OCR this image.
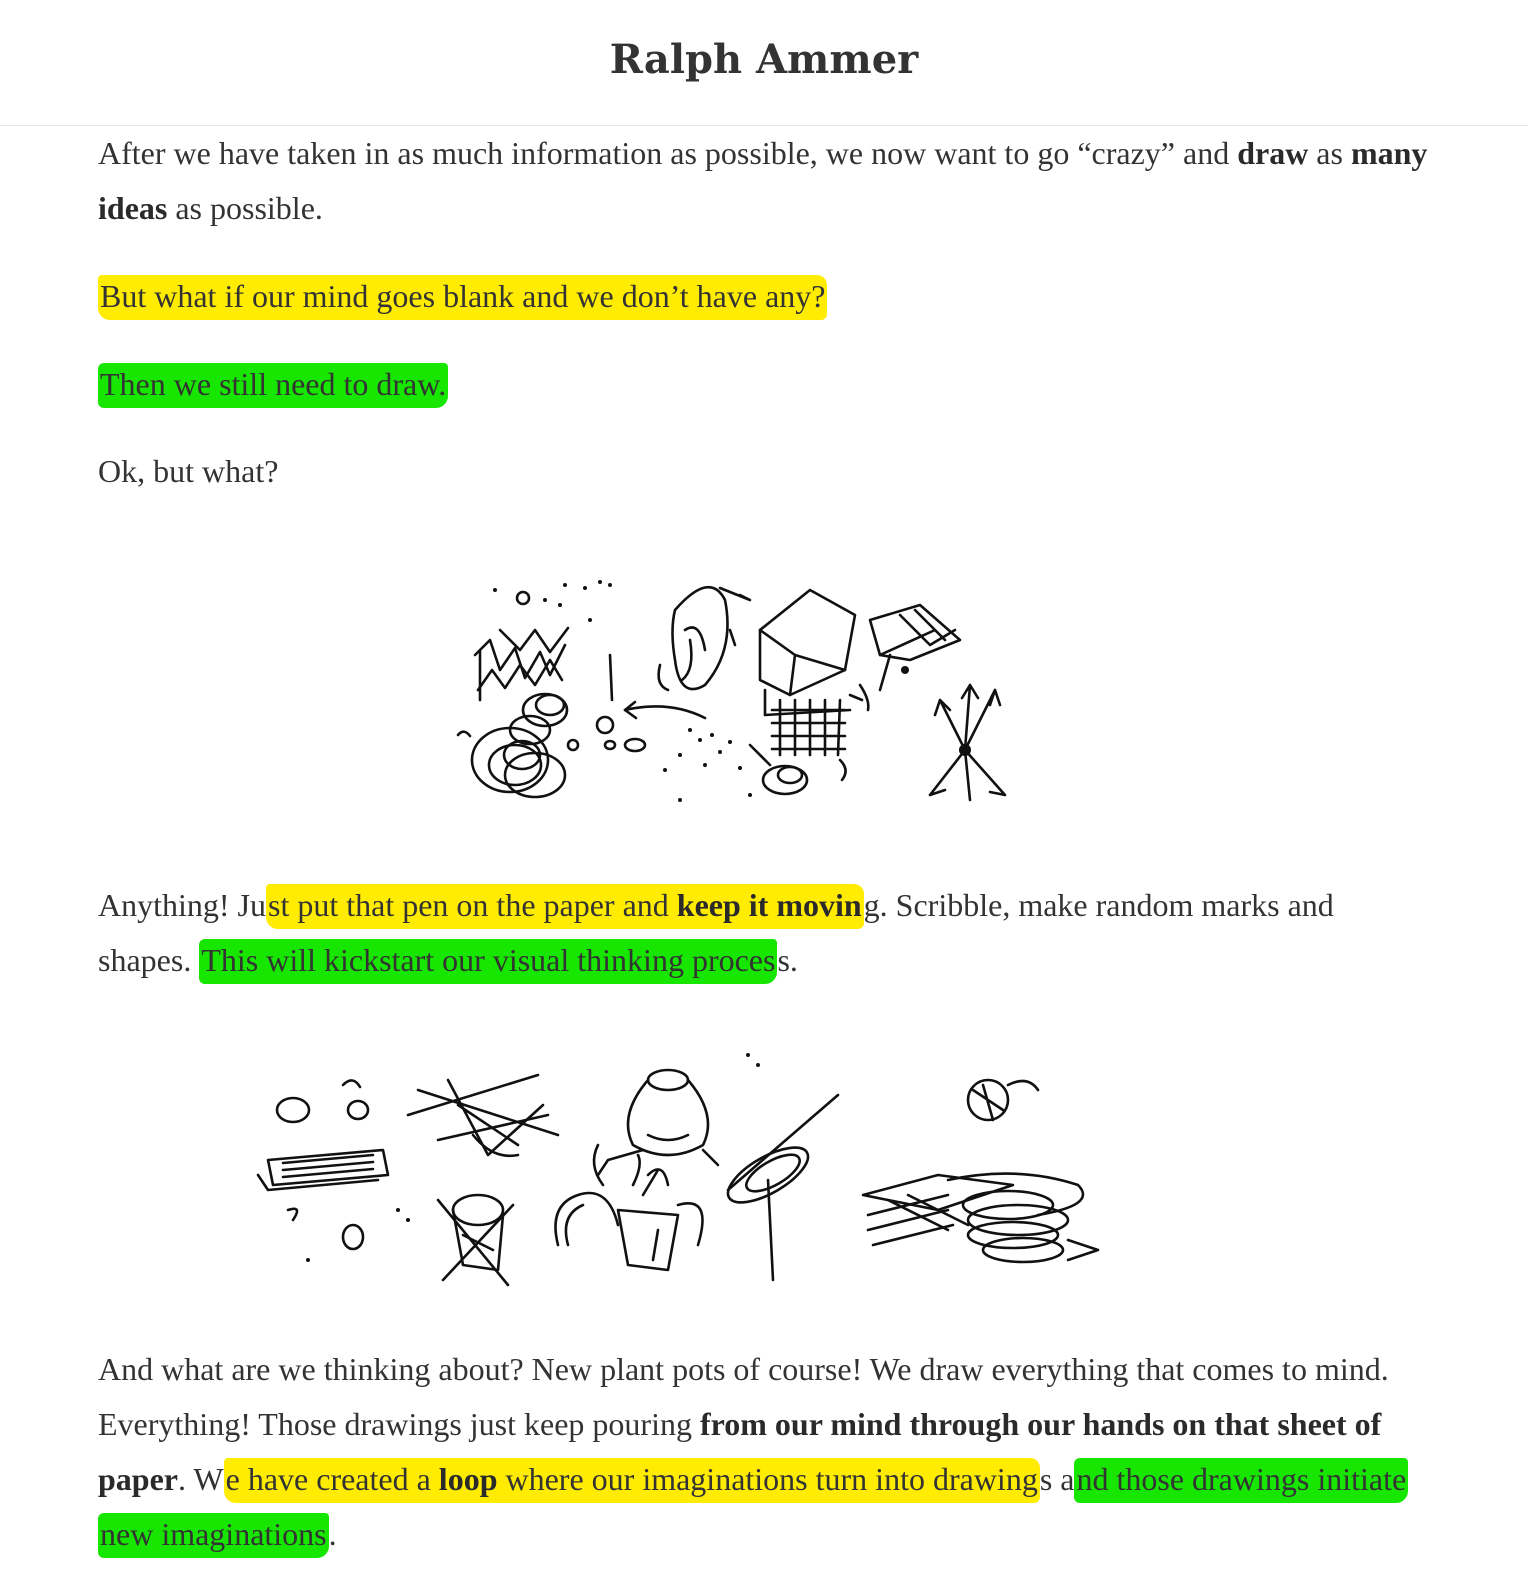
Ralph Ammer

After we have taken in as much information as possible, we now want to go “crazy” and draw as many ideas as possible.

But what if our mind goes blank and we don’t have any?

Then we still need to draw.

Ok, but what?

Anything! Just put that pen on the paper and keep it moving. Scribble, make random marks and shapes. This will kickstart our visual thinking process.

And what are we thinking about? New plant pots of course! We draw everything that comes to mind. Everything! Those drawings just keep pouring from our mind through our hands on that sheet of paper. We have created a loop where our imaginations turn into drawings and those drawings initiate new imaginations.
